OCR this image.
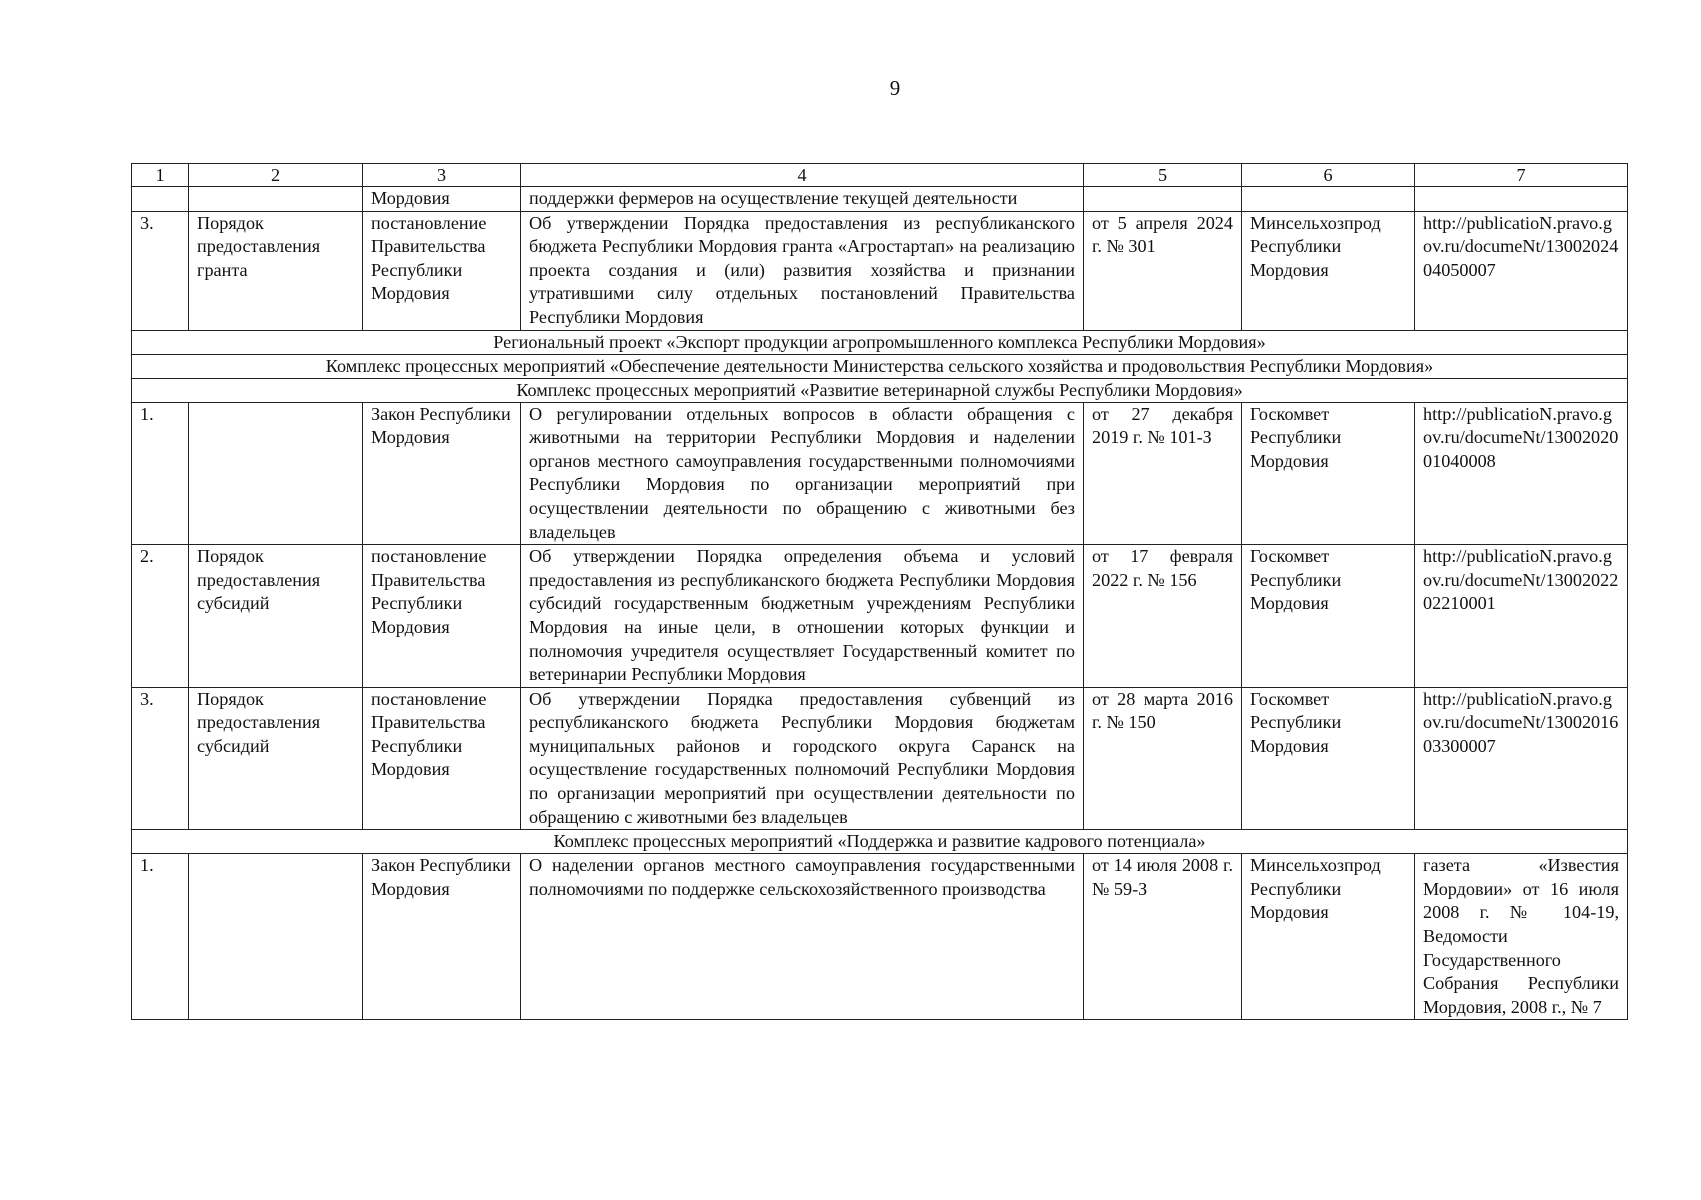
9
1	2	3	4	5	6	7
		Мордовия	поддержки фермеров на осуществление текущей деятельности			
3.	Порядок предоставления гранта	постановление Правительства Республики Мордовия	Об утверждении Порядка предоставления из республиканского бюджета Республики Мордовия гранта «Агростартап» на реализацию проекта создания и (или) развития хозяйства и признании утратившими силу отдельных постановлений Правительства Республики Мордовия	от 5 апреля 2024 г. № 301	Минсельхозпрод Республики Мордовия	http://publicatioN.pravo.gov.ru/documeNt/1300202404050007
Региональный проект «Экспорт продукции агропромышленного комплекса Республики Мордовия»						
Комплекс процессных мероприятий «Обеспечение деятельности Министерства сельского хозяйства и продовольствия Республики Мордовия»						
Комплекс процессных мероприятий «Развитие ветеринарной службы Республики Мордовия»						
1.		Закон Республики Мордовия	О регулировании отдельных вопросов в области обращения с животными на территории Республики Мордовия и наделении органов местного самоуправления государственными полномочиями Республики Мордовия по организации мероприятий при осуществлении деятельности по обращению с животными без владельцев	от 27 декабря 2019 г. № 101-З	Госкомвет Республики Мордовия	http://publicatioN.pravo.gov.ru/documeNt/1300202001040008
2.	Порядок предоставления субсидий	постановление Правительства Республики Мордовия	Об утверждении Порядка определения объема и условий предоставления из республиканского бюджета Республики Мордовия субсидий государственным бюджетным учреждениям Республики Мордовия на иные цели, в отношении которых функции и полномочия учредителя осуществляет Государственный комитет по ветеринарии Республики Мордовия	от 17 февраля 2022 г. № 156	Госкомвет Республики Мордовия	http://publicatioN.pravo.gov.ru/documeNt/1300202202210001
3.	Порядок предоставления субсидий	постановление Правительства Республики Мордовия	Об утверждении Порядка предоставления субвенций из республиканского бюджета Республики Мордовия бюджетам муниципальных районов и городского округа Саранск на осуществление государственных полномочий Республики Мордовия по организации мероприятий при осуществлении деятельности по обращению с животными без владельцев	от 28 марта 2016 г. № 150	Госкомвет Республики Мордовия	http://publicatioN.pravo.gov.ru/documeNt/1300201603300007
Комплекс процессных мероприятий «Поддержка и развитие кадрового потенциала»						
1.		Закон Республики Мордовия	О наделении органов местного самоуправления государственными полномочиями по поддержке сельскохозяйственного производства	от 14 июля 2008 г. № 59-З	Минсельхозпрод Республики Мордовия	газета «Известия Мордовии» от 16 июля 2008 г. № 104-19, Ведомости Государственного Собрания Республики Мордовия, 2008 г., № 7
